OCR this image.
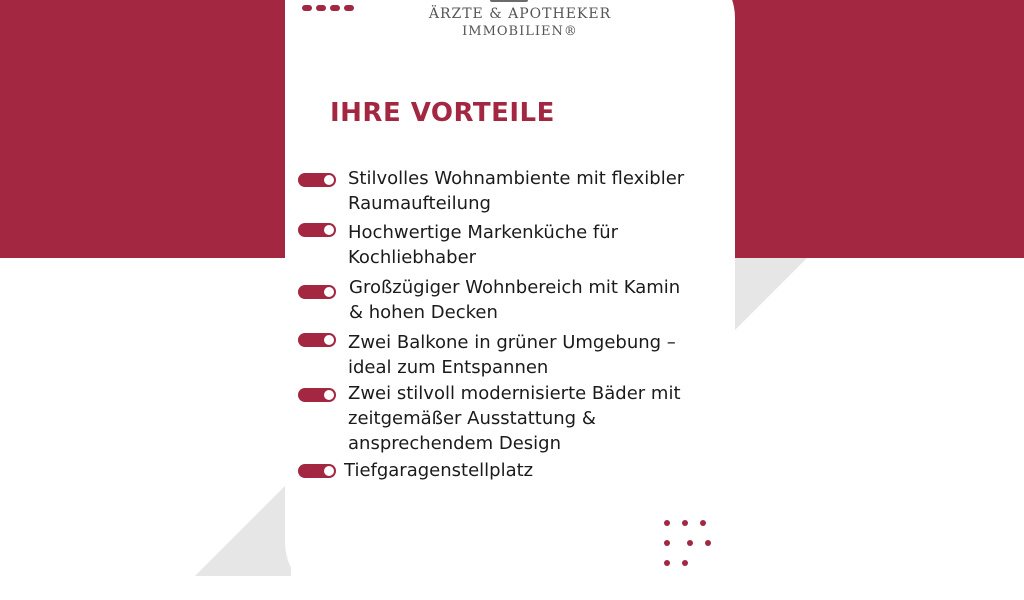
ÄRZTE & APOTHEKER
IMMOBILIEN®
IHRE VORTEILE
Stilvolles Wohnambiente mit flexibler Raumaufteilung
Hochwertige Markenküche für Kochliebhaber
Großzügiger Wohnbereich mit Kamin & hohen Decken
Zwei Balkone in grüner Umgebung – ideal zum Entspannen
Zwei stilvoll modernisierte Bäder mit zeitgemäßer Ausstattung & ansprechendem Design
Tiefgaragenstellplatz
